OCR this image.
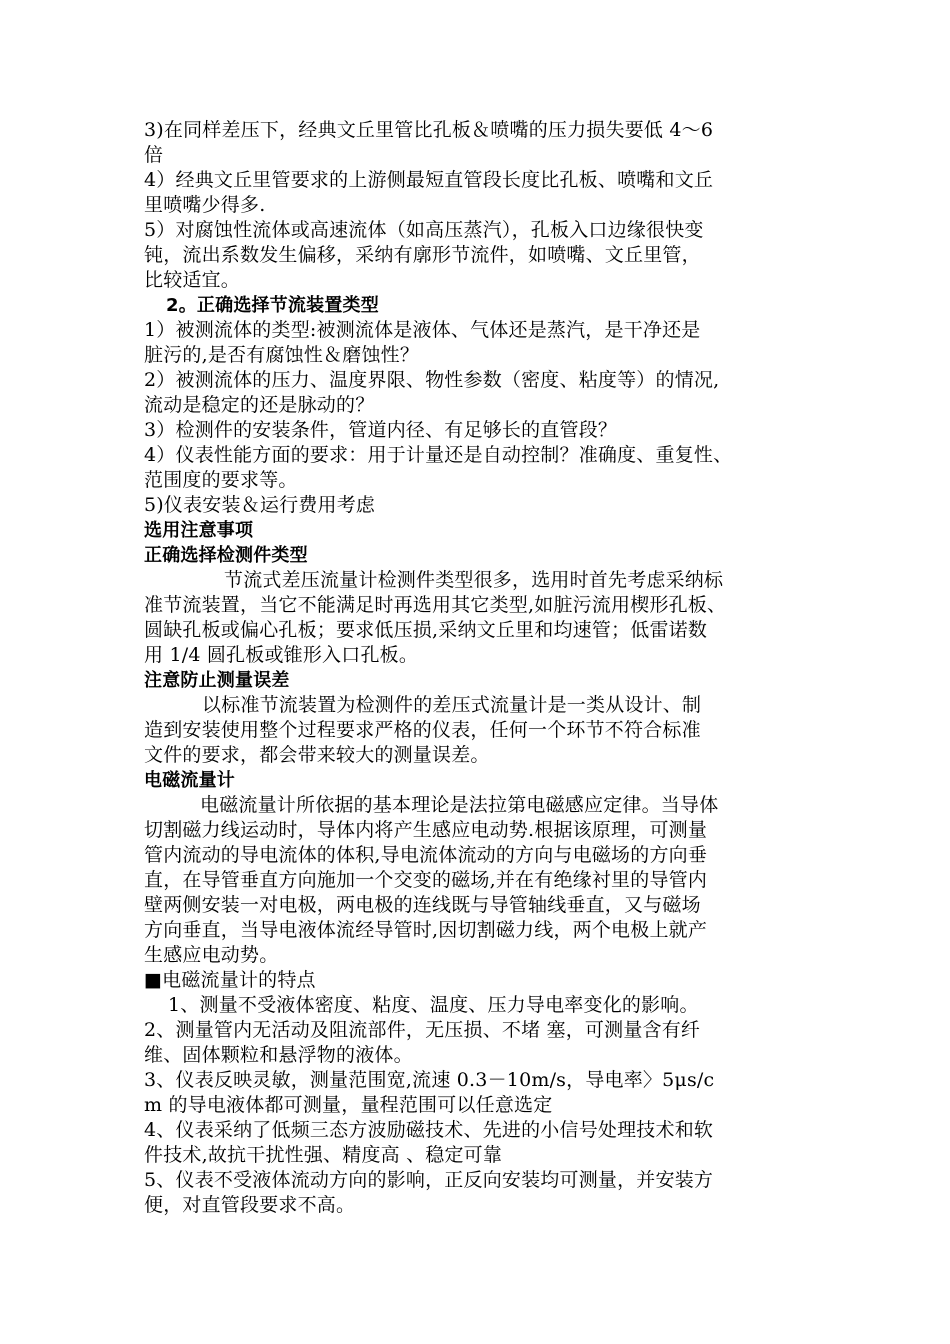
3)在同样差压下，经典文丘里管比孔板＆喷嘴的压力损失要低 4～6
倍
4）经典文丘里管要求的上游侧最短直管段长度比孔板、喷嘴和文丘
里喷嘴少得多.
5）对腐蚀性流体或高速流体（如高压蒸汽），孔板入口边缘很快变
钝，流出系数发生偏移，采纳有廓形节流件，如喷嘴、文丘里管，
比较适宜。
2。正确选择节流装置类型
1）被测流体的类型:被测流体是液体、气体还是蒸汽，是干净还是
脏污的,是否有腐蚀性＆磨蚀性？
2）被测流体的压力、温度界限、物性参数（密度、粘度等）的情况,
流动是稳定的还是脉动的？
3）检测件的安装条件，管道内径、有足够长的直管段？
4）仪表性能方面的要求：用于计量还是自动控制？准确度、重复性、
范围度的要求等。
5)仪表安装＆运行费用考虑
选用注意事项
正确选择检测件类型
节流式差压流量计检测件类型很多，选用时首先考虑采纳标
准节流装置，当它不能满足时再选用其它类型,如脏污流用楔形孔板、
圆缺孔板或偏心孔板；要求低压损,采纳文丘里和均速管；低雷诺数
用 1/4 圆孔板或锥形入口孔板。
注意防止测量误差
以标准节流装置为检测件的差压式流量计是一类从设计、制
造到安装使用整个过程要求严格的仪表，任何一个环节不符合标准
文件的要求，都会带来较大的测量误差。
电磁流量计
电磁流量计所依据的基本理论是法拉第电磁感应定律。当导体
切割磁力线运动时，导体内将产生感应电动势.根据该原理，可测量
管内流动的导电流体的体积,导电流体流动的方向与电磁场的方向垂
直，在导管垂直方向施加一个交变的磁场,并在有绝缘衬里的导管内
壁两侧安装一对电极，两电极的连线既与导管轴线垂直，又与磁场
方向垂直，当导电液体流经导管时,因切割磁力线，两个电极上就产
生感应电动势。
■电磁流量计的特点
1、测量不受液体密度、粘度、温度、压力导电率变化的影响。
2、测量管内无活动及阻流部件，无压损、不堵 塞，可测量含有纤
维、固体颗粒和悬浮物的液体。
3、仪表反映灵敏，测量范围宽,流速 0.3－10m/s，导电率〉5μs/c
m 的导电液体都可测量，量程范围可以任意选定
4、仪表采纳了低频三态方波励磁技术、先进的小信号处理技术和软
件技术,故抗干扰性强、精度高 、稳定可靠
5、仪表不受液体流动方向的影响，正反向安装均可测量，并安装方
便，对直管段要求不高。
